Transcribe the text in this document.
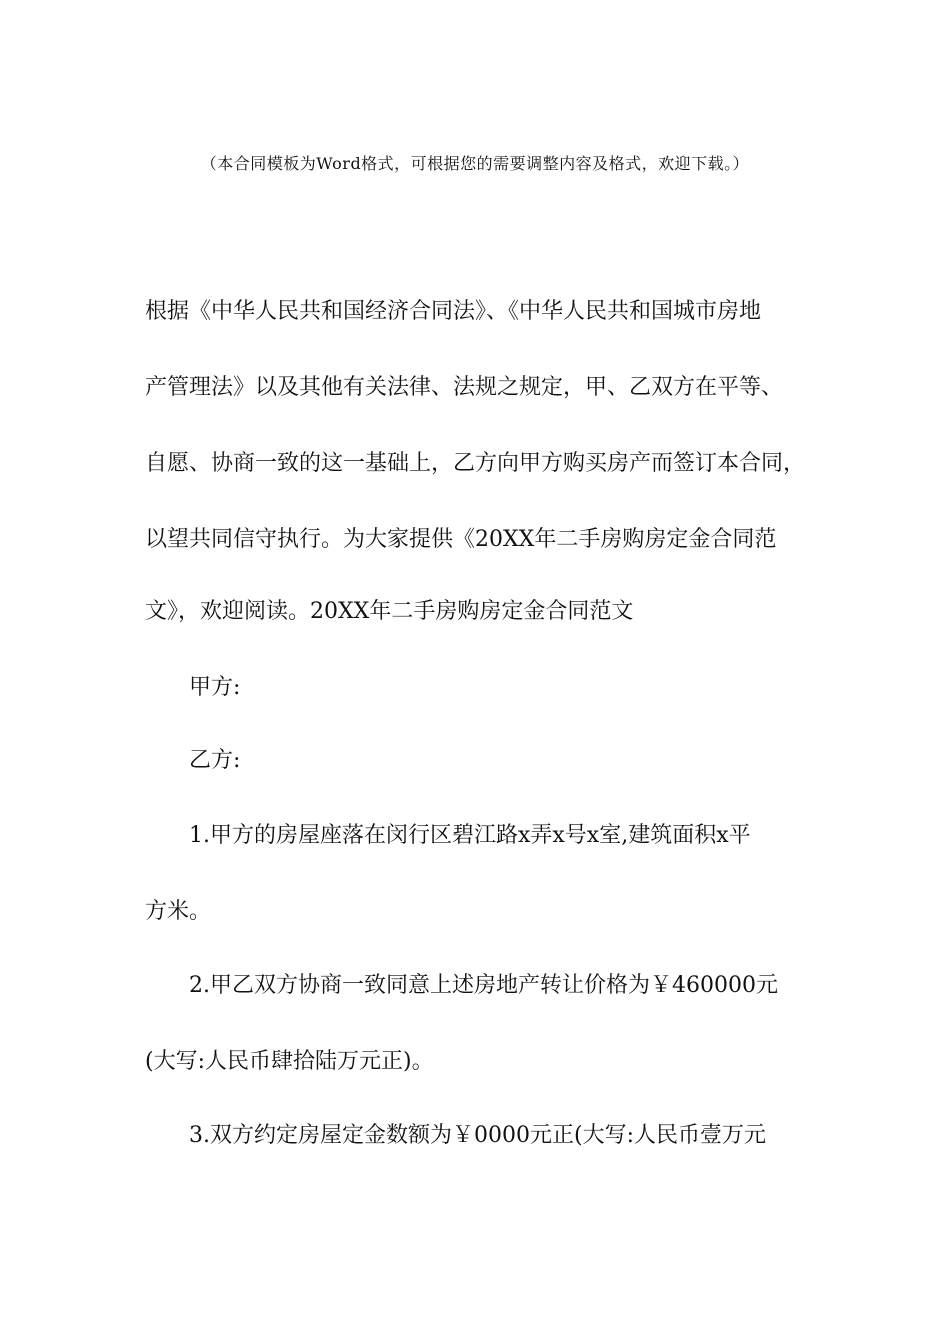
（本合同模板为Word格式，可根据您的需要调整内容及格式，欢迎下载。）
根据《中华人民共和国经济合同法》、《中华人民共和国城市房地
产管理法》以及其他有关法律、法规之规定，甲、乙双方在平等、
自愿、协商一致的这一基础上，乙方向甲方购买房产而签订本合同，
以望共同信守执行。为大家提供《20XX年二手房购房定金合同范
文》，欢迎阅读。20XX年二手房购房定金合同范文
甲方:
乙方:
1.甲方的房屋座落在闵行区碧江路x弄x号x室,建筑面积x平
方米。
2.甲乙双方协商一致同意上述房地产转让价格为￥460000元
(大写:人民币肆拾陆万元正)。
3.双方约定房屋定金数额为￥0000元正(大写:人民币壹万元
